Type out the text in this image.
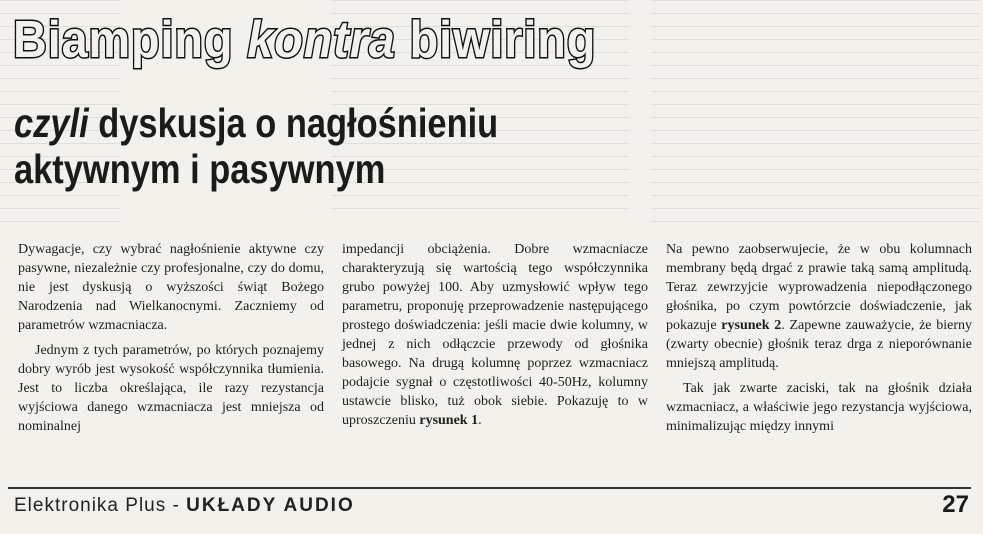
Biamping kontra biwiring
czyli dyskusja o nagłośnieniu
aktywnym i pasywnym

Dywagacje, czy wybrać nagłośnienie aktywne czy pasywne, niezależnie czy profesjonalne, czy do domu, nie jest dyskusją o wyższości świąt Bożego Narodzenia nad Wielkanocnymi. Zaczniemy od parametrów wzmacniacza.

Jednym z tych parametrów, po których poznajemy dobry wyrób jest wysokość współczynnika tłumienia. Jest to liczba określająca, ile razy rezystancja wyjściowa danego wzmacniacza jest mniejsza od nominalnej

impedancji obciążenia. Dobre wzmacniacze charakteryzują się wartością tego współczynnika grubo powyżej 100. Aby uzmysłowić wpływ tego parametru, proponuję przeprowadzenie następującego prostego doświadczenia: jeśli macie dwie kolumny, w jednej z nich odłączcie przewody od głośnika basowego. Na drugą kolumnę poprzez wzmacniacz podajcie sygnał o częstotliwości 40-50Hz, kolumny ustawcie blisko, tuż obok siebie. Pokazuję to w uproszczeniu rysunek 1.

Na pewno zaobserwujecie, że w obu kolumnach membrany będą drgać z prawie taką samą amplitudą. Teraz zewrzyjcie wyprowadzenia niepodłączonego głośnika, po czym powtórzcie doświadczenie, jak pokazuje rysunek 2. Zapewne zauważycie, że bierny (zwarty obecnie) głośnik teraz drga z nieporównanie mniejszą amplitudą.

Tak jak zwarte zaciski, tak na głośnik działa wzmacniacz, a właściwie jego rezystancja wyjściowa, minimalizując między innymi

Elektronika Plus - UKŁADY AUDIO	27
